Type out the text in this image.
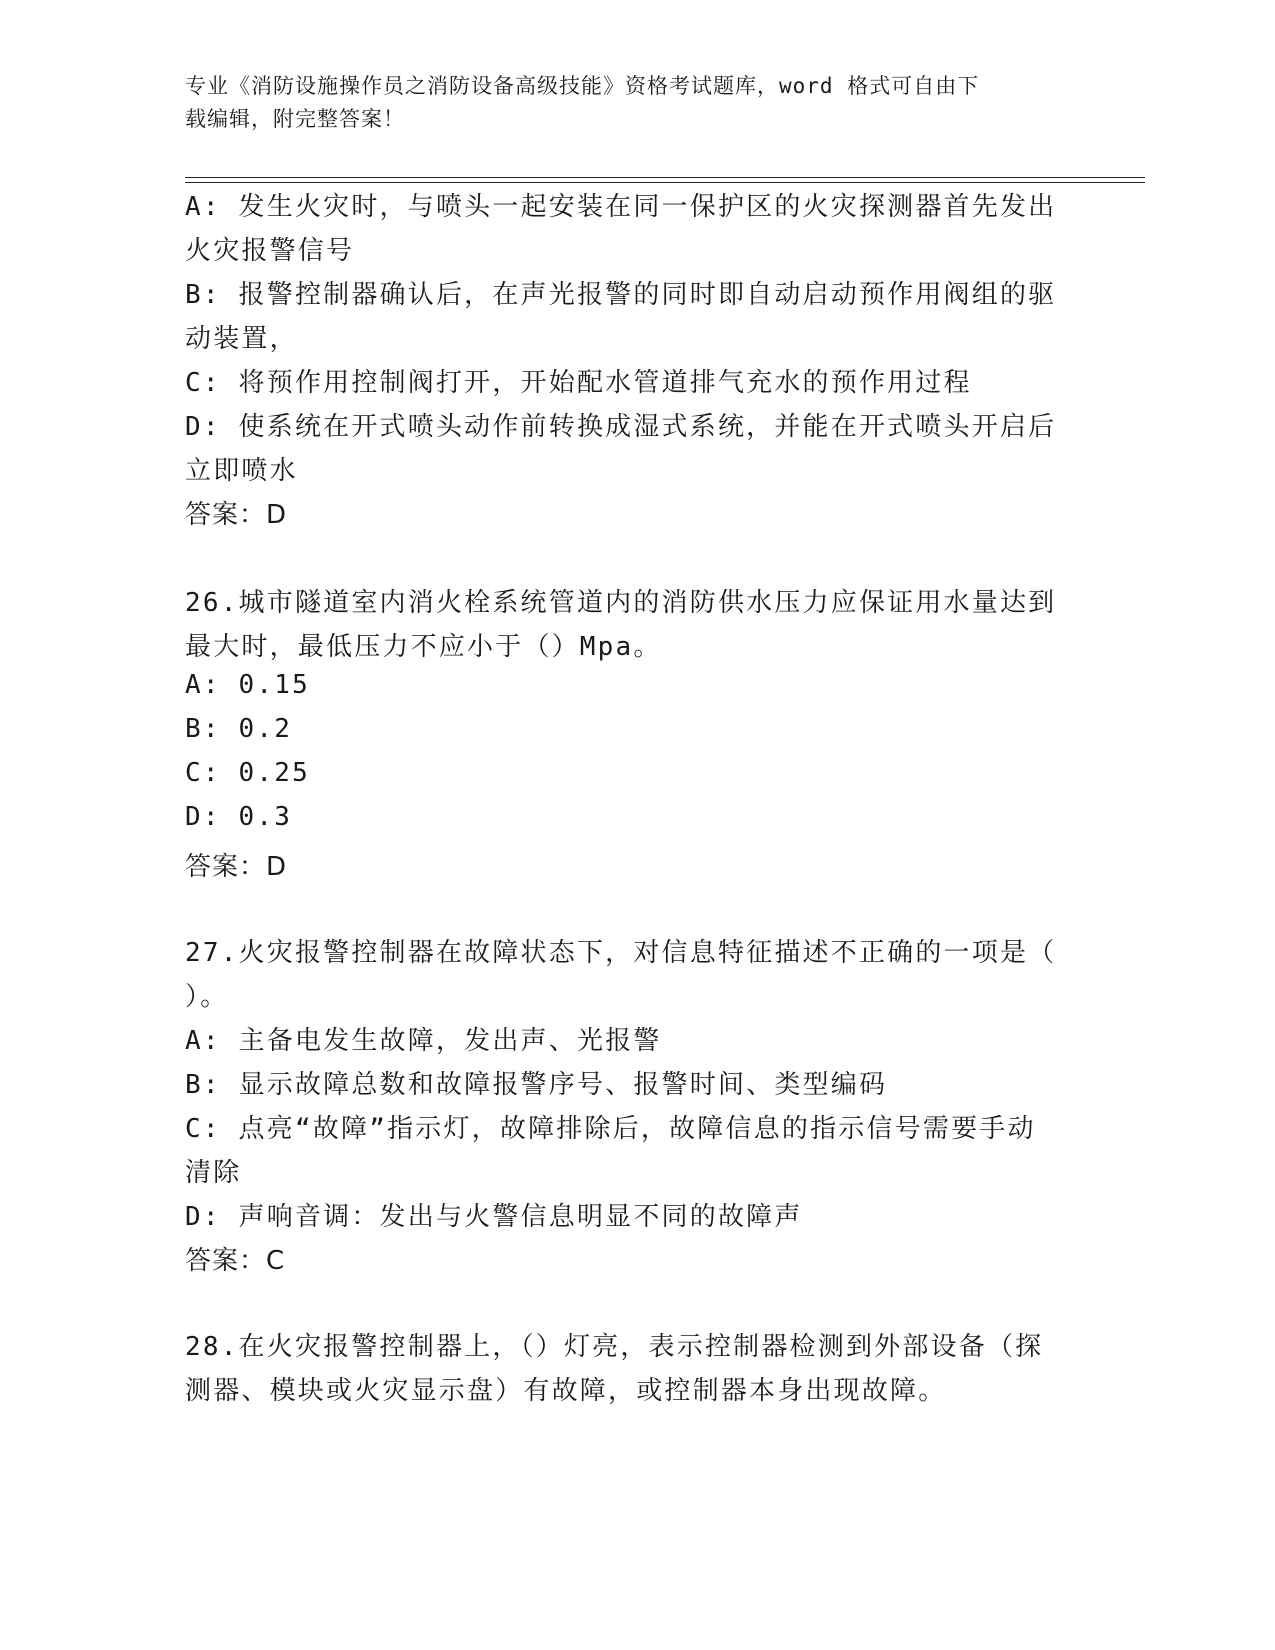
专业《消防设施操作员之消防设备高级技能》资格考试题库，word 格式可自由下
载编辑，附完整答案！
A: 发生火灾时，与喷头一起安装在同一保护区的火灾探测器首先发出
火灾报警信号
B: 报警控制器确认后，在声光报警的同时即自动启动预作用阀组的驱
动装置，
C: 将预作用控制阀打开，开始配水管道排气充水的预作用过程
D: 使系统在开式喷头动作前转换成湿式系统，并能在开式喷头开启后
立即喷水
答案：D
26.城市隧道室内消火栓系统管道内的消防供水压力应保证用水量达到
最大时，最低压力不应小于（）Mpa。
A: 0.15
B: 0.2
C: 0.25
D: 0.3
答案：D
27.火灾报警控制器在故障状态下，对信息特征描述不正确的一项是（
）。
A: 主备电发生故障，发出声、光报警
B: 显示故障总数和故障报警序号、报警时间、类型编码
C: 点亮“故障”指示灯，故障排除后，故障信息的指示信号需要手动
清除
D: 声响音调：发出与火警信息明显不同的故障声
答案：C
28.在火灾报警控制器上，（）灯亮，表示控制器检测到外部设备（探
测器、模块或火灾显示盘）有故障，或控制器本身出现故障。
